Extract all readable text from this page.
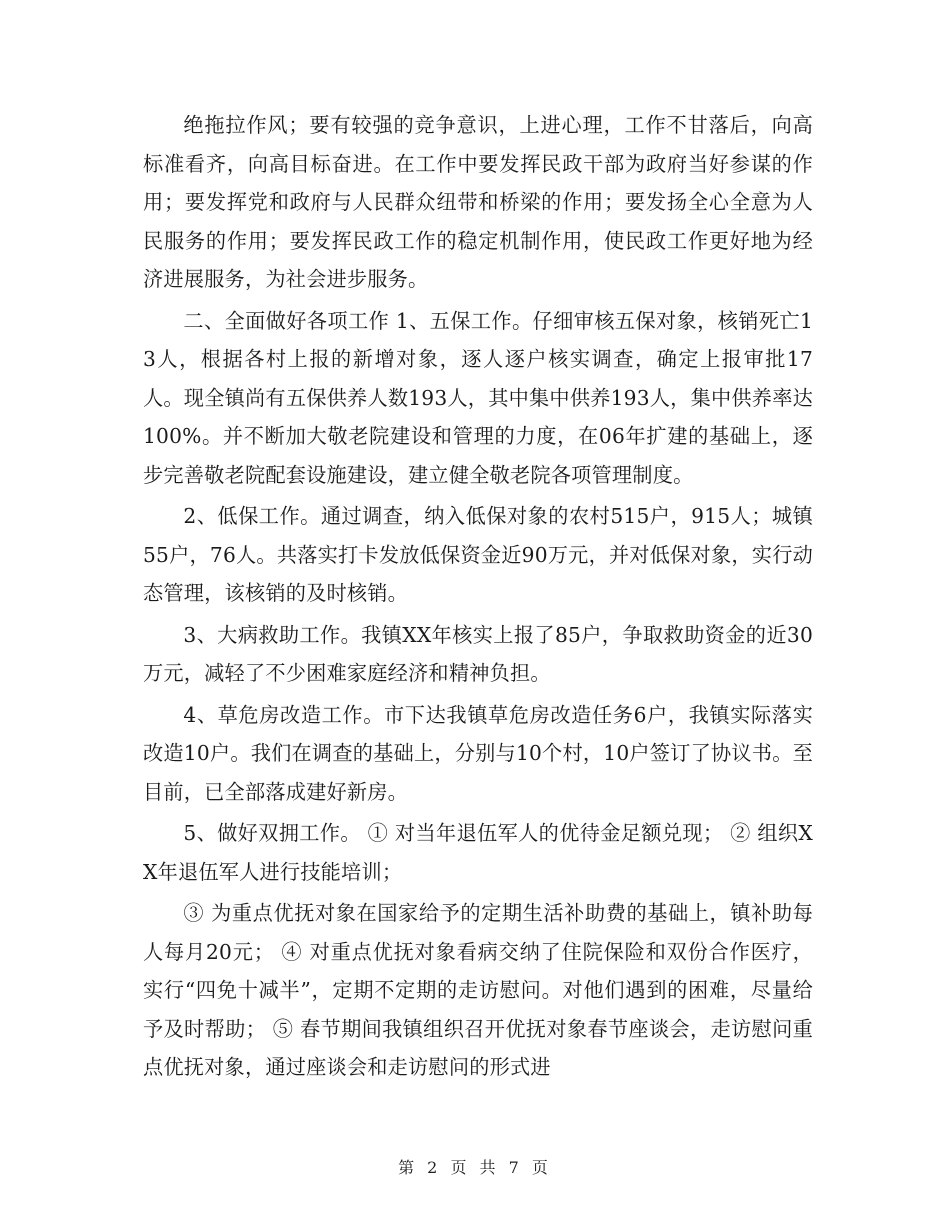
绝拖拉作风；要有较强的竞争意识，上进心理，工作不甘落后，向高标准看齐，向高目标奋进。在工作中要发挥民政干部为政府当好参谋的作用；要发挥党和政府与人民群众纽带和桥梁的作用；要发扬全心全意为人民服务的作用；要发挥民政工作的稳定机制作用，使民政工作更好地为经济进展服务，为社会进步服务。

二、全面做好各项工作 1、五保工作。仔细审核五保对象，核销死亡13人，根据各村上报的新增对象，逐人逐户核实调查，确定上报审批17人。现全镇尚有五保供养人数193人，其中集中供养193人，集中供养率达100%。并不断加大敬老院建设和管理的力度，在06年扩建的基础上，逐步完善敬老院配套设施建设，建立健全敬老院各项管理制度。

2、低保工作。通过调查，纳入低保对象的农村515户，915人；城镇55户，76人。共落实打卡发放低保资金近90万元，并对低保对象，实行动态管理，该核销的及时核销。

3、大病救助工作。我镇XX年核实上报了85户，争取救助资金的近30万元，减轻了不少困难家庭经济和精神负担。

4、草危房改造工作。市下达我镇草危房改造任务6户，我镇实际落实改造10户。我们在调查的基础上，分别与10个村，10户签订了协议书。至目前，已全部落成建好新房。

5、做好双拥工作。 ① 对当年退伍军人的优待金足额兑现； ② 组织XX年退伍军人进行技能培训；

③ 为重点优抚对象在国家给予的定期生活补助费的基础上，镇补助每人每月20元； ④ 对重点优抚对象看病交纳了住院保险和双份合作医疗，实行“四免十减半”，定期不定期的走访慰问。对他们遇到的困难，尽量给予及时帮助； ⑤ 春节期间我镇组织召开优抚对象春节座谈会，走访慰问重点优抚对象，通过座谈会和走访慰问的形式进

第 2 页 共 7 页
